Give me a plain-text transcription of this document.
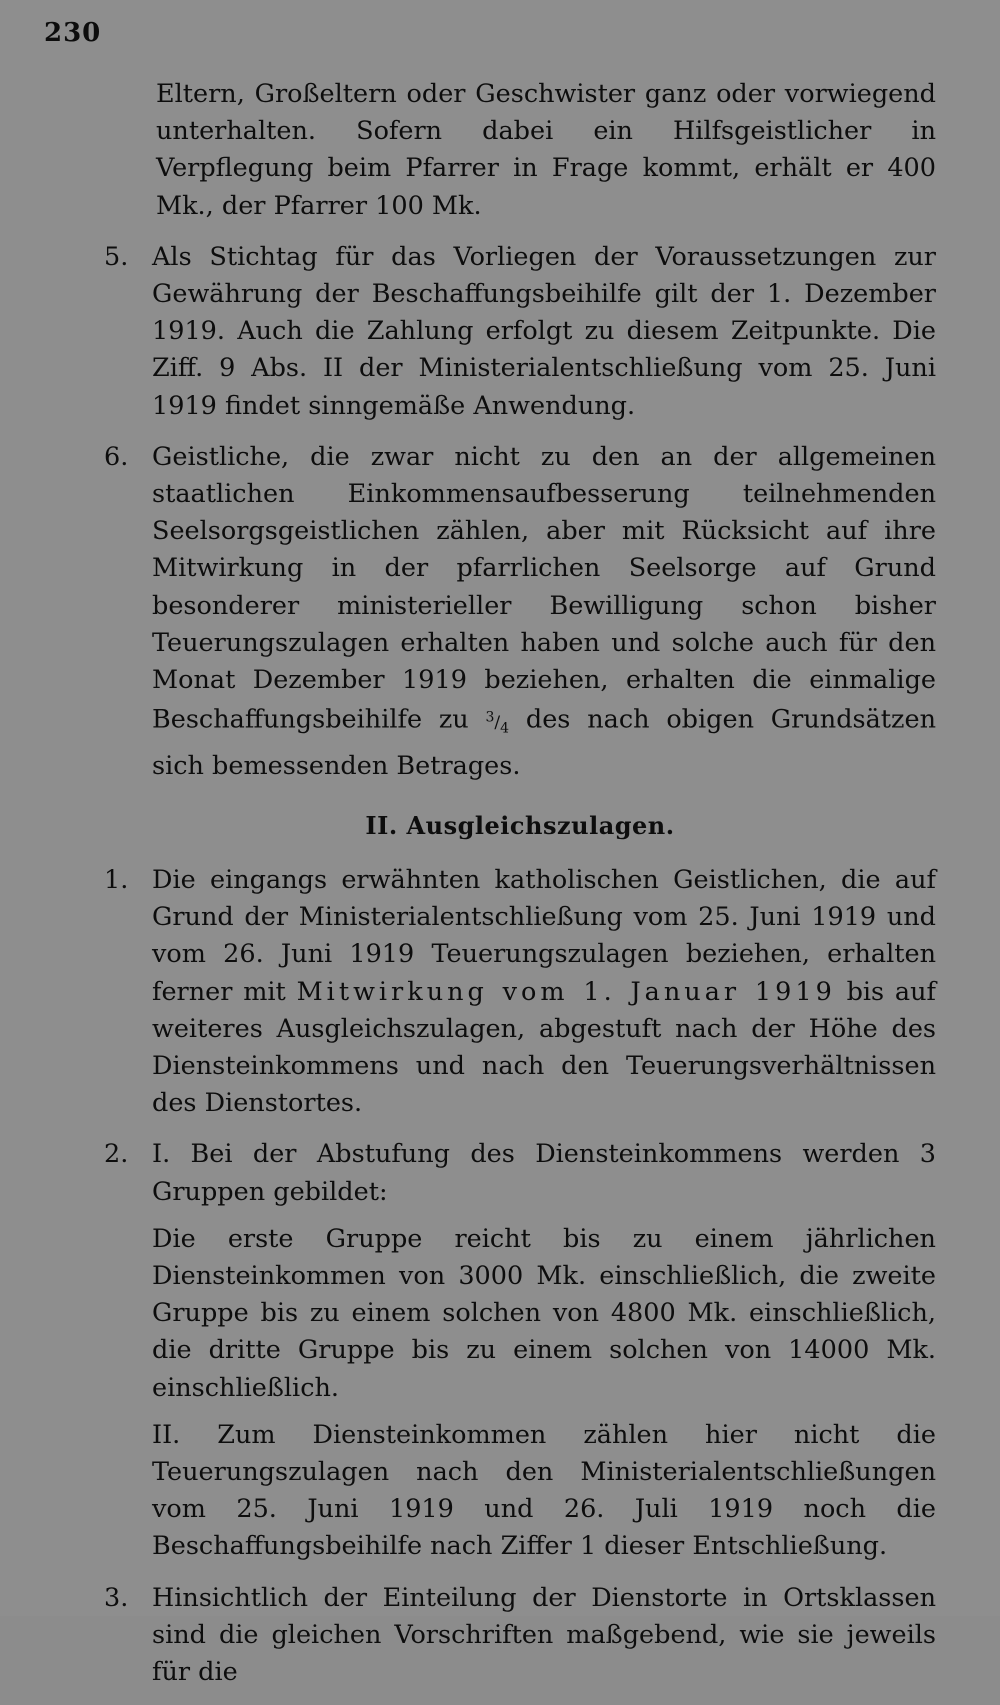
230

Eltern, Großeltern oder Geschwister ganz oder vorwiegend unterhalten. Sofern dabei ein Hilfsgeistlicher in Verpflegung beim Pfarrer in Frage kommt, erhält er 400 Mk., der Pfarrer 100 Mk.

5. Als Stichtag für das Vorliegen der Voraussetzungen zur Gewährung der Beschaffungsbeihilfe gilt der 1. Dezember 1919. Auch die Zahlung erfolgt zu diesem Zeitpunkte. Die Ziff. 9 Abs. II der Ministerialentschließung vom 25. Juni 1919 findet sinngemäße Anwendung.
6. Geistliche, die zwar nicht zu den an der allgemeinen staatlichen Einkommensaufbesserung teilnehmenden Seelsorgsgeistlichen zählen, aber mit Rücksicht auf ihre Mitwirkung in der pfarrlichen Seelsorge auf Grund besonderer ministerieller Bewilligung schon bisher Teuerungszulagen erhalten haben und solche auch für den Monat Dezember 1919 beziehen, erhalten die einmalige Beschaffungsbeihilfe zu $^3/_4$ des nach obigen Grundsätzen sich bemessenden Betrages.
II. Ausgleichszulagen.
1. Die eingangs erwähnten katholischen Geistlichen, die auf Grund der Ministerialentschließung vom 25. Juni 1919 und vom 26. Juni 1919 Teuerungszulagen beziehen, erhalten ferner mit Mitwirkung vom 1. Januar 1919 bis auf weiteres Ausgleichszulagen, abgestuft nach der Höhe des Diensteinkommens und nach den Teuerungsverhältnissen des Dienstortes.
2. I. Bei der Abstufung des Diensteinkommens werden 3 Gruppen gebildet:

Die erste Gruppe reicht bis zu einem jährlichen Diensteinkommen von 3000 Mk. einschließlich, die zweite Gruppe bis zu einem solchen von 4800 Mk. einschließlich, die dritte Gruppe bis zu einem solchen von 14000 Mk. einschließlich.

II. Zum Diensteinkommen zählen hier nicht die Teuerungszulagen nach den Ministerialentschließungen vom 25. Juni 1919 und 26. Juli 1919 noch die Beschaffungsbeihilfe nach Ziffer 1 dieser Entschließung.

3. Hinsichtlich der Einteilung der Dienstorte in Ortsklassen sind die gleichen Vorschriften maßgebend, wie sie jeweils für die
